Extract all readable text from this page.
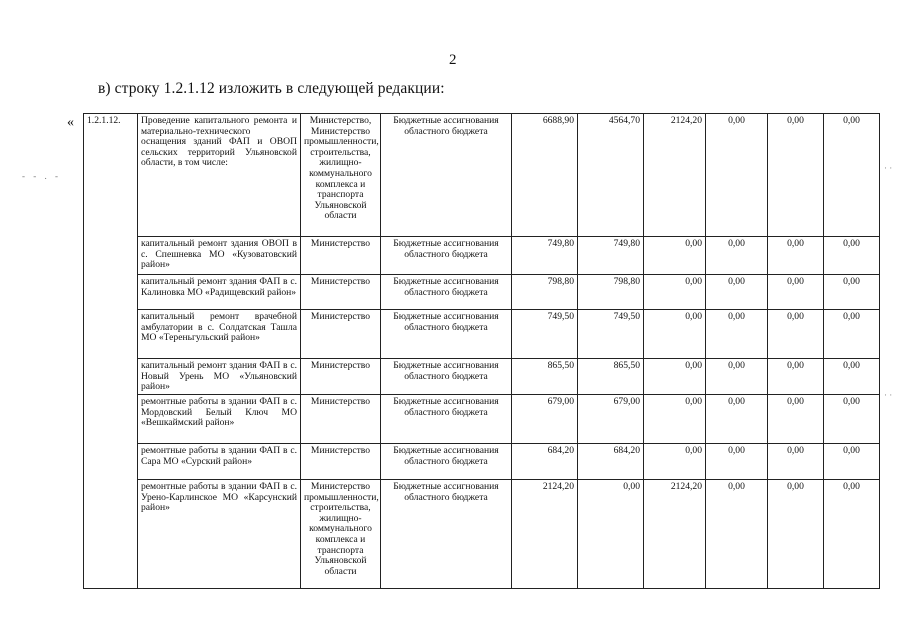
2
в) строку 1.2.1.12 изложить в следующей редакции:
«
- - . -
· ·
· ·
1.2.1.12.	Проведение капитального ремонта и материально-технического оснащения зданий ФАП и ОВОП сельских территорий Ульяновской области, в том числе:	Министерство, Министерство промышленности, строительства, жилищно-коммунального комплекса и транспорта Ульяновской области	Бюджетные ассигнования областного бюджета	6688,90	4564,70	2124,20	0,00	0,00	0,00
	капитальный ремонт здания ОВОП в с. Спешневка МО «Кузоватовский район»	Министерство	Бюджетные ассигнования областного бюджета	749,80	749,80	0,00	0,00	0,00	0,00
	капитальный ремонт здания ФАП в с. Калиновка МО «Радищевский район»	Министерство	Бюджетные ассигнования областного бюджета	798,80	798,80	0,00	0,00	0,00	0,00
	капитальный ремонт врачебной амбулатории в с. Солдатская Ташла МО «Тереньгульский район»	Министерство	Бюджетные ассигнования областного бюджета	749,50	749,50	0,00	0,00	0,00	0,00
	капитальный ремонт здания ФАП в с. Новый Урень МО «Ульяновский район»	Министерство	Бюджетные ассигнования областного бюджета	865,50	865,50	0,00	0,00	0,00	0,00
	ремонтные работы в здании ФАП в с. Мордовский Белый Ключ МО «Вешкаймский район»	Министерство	Бюджетные ассигнования областного бюджета	679,00	679,00	0,00	0,00	0,00	0,00
	ремонтные работы в здании ФАП в с. Сара МО «Сурский район»	Министерство	Бюджетные ассигнования областного бюджета	684,20	684,20	0,00	0,00	0,00	0,00
	ремонтные работы в здании ФАП в с. Урено-Карлинское МО «Карсунский район»	Министерство промышленности, строительства, жилищно-коммунального комплекса и транспорта Ульяновской области	Бюджетные ассигнования областного бюджета	2124,20	0,00	2124,20	0,00	0,00	0,00
